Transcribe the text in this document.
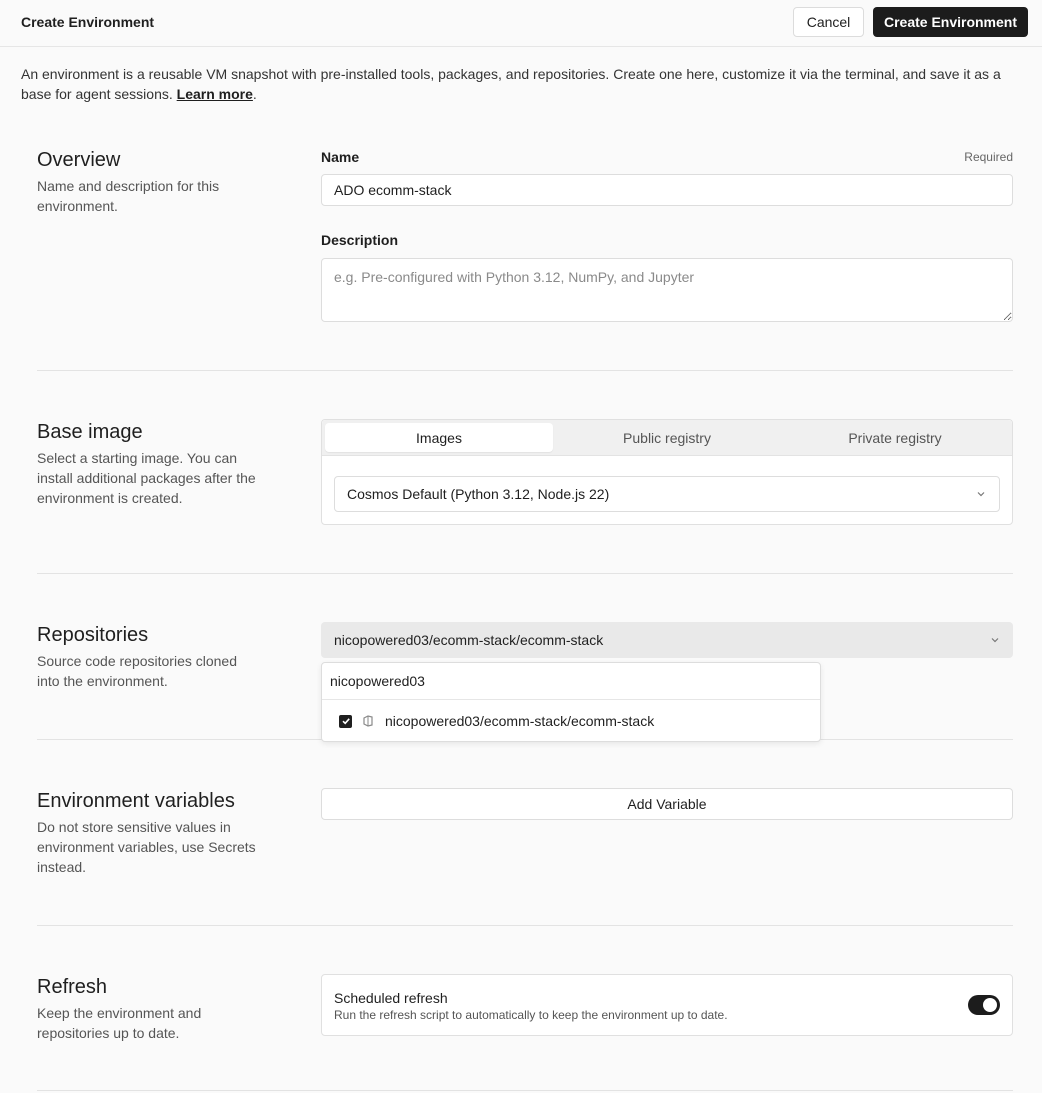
Create Environment	Cancel	Create Environment
An environment is a reusable VM snapshot with pre-installed tools, packages, and repositories. Create one here, customize it via the terminal, and save it as a base for agent sessions. Learn more.
Overview
Name and description for this environment.
Name	Required
ADO ecomm-stack
Description
e.g. Pre-configured with Python 3.12, NumPy, and Jupyter
Base image
Select a starting image. You can install additional packages after the environment is created.
Images	Public registry	Private registry
Cosmos Default (Python 3.12, Node.js 22)
Repositories
Source code repositories cloned into the environment.
nicopowered03/ecomm-stack/ecomm-stack
nicopowered03
nicopowered03/ecomm-stack/ecomm-stack
Environment variables
Do not store sensitive values in environment variables, use Secrets instead.
Add Variable
Refresh
Keep the environment and repositories up to date.
Scheduled refresh
Run the refresh script to automatically to keep the environment up to date.
